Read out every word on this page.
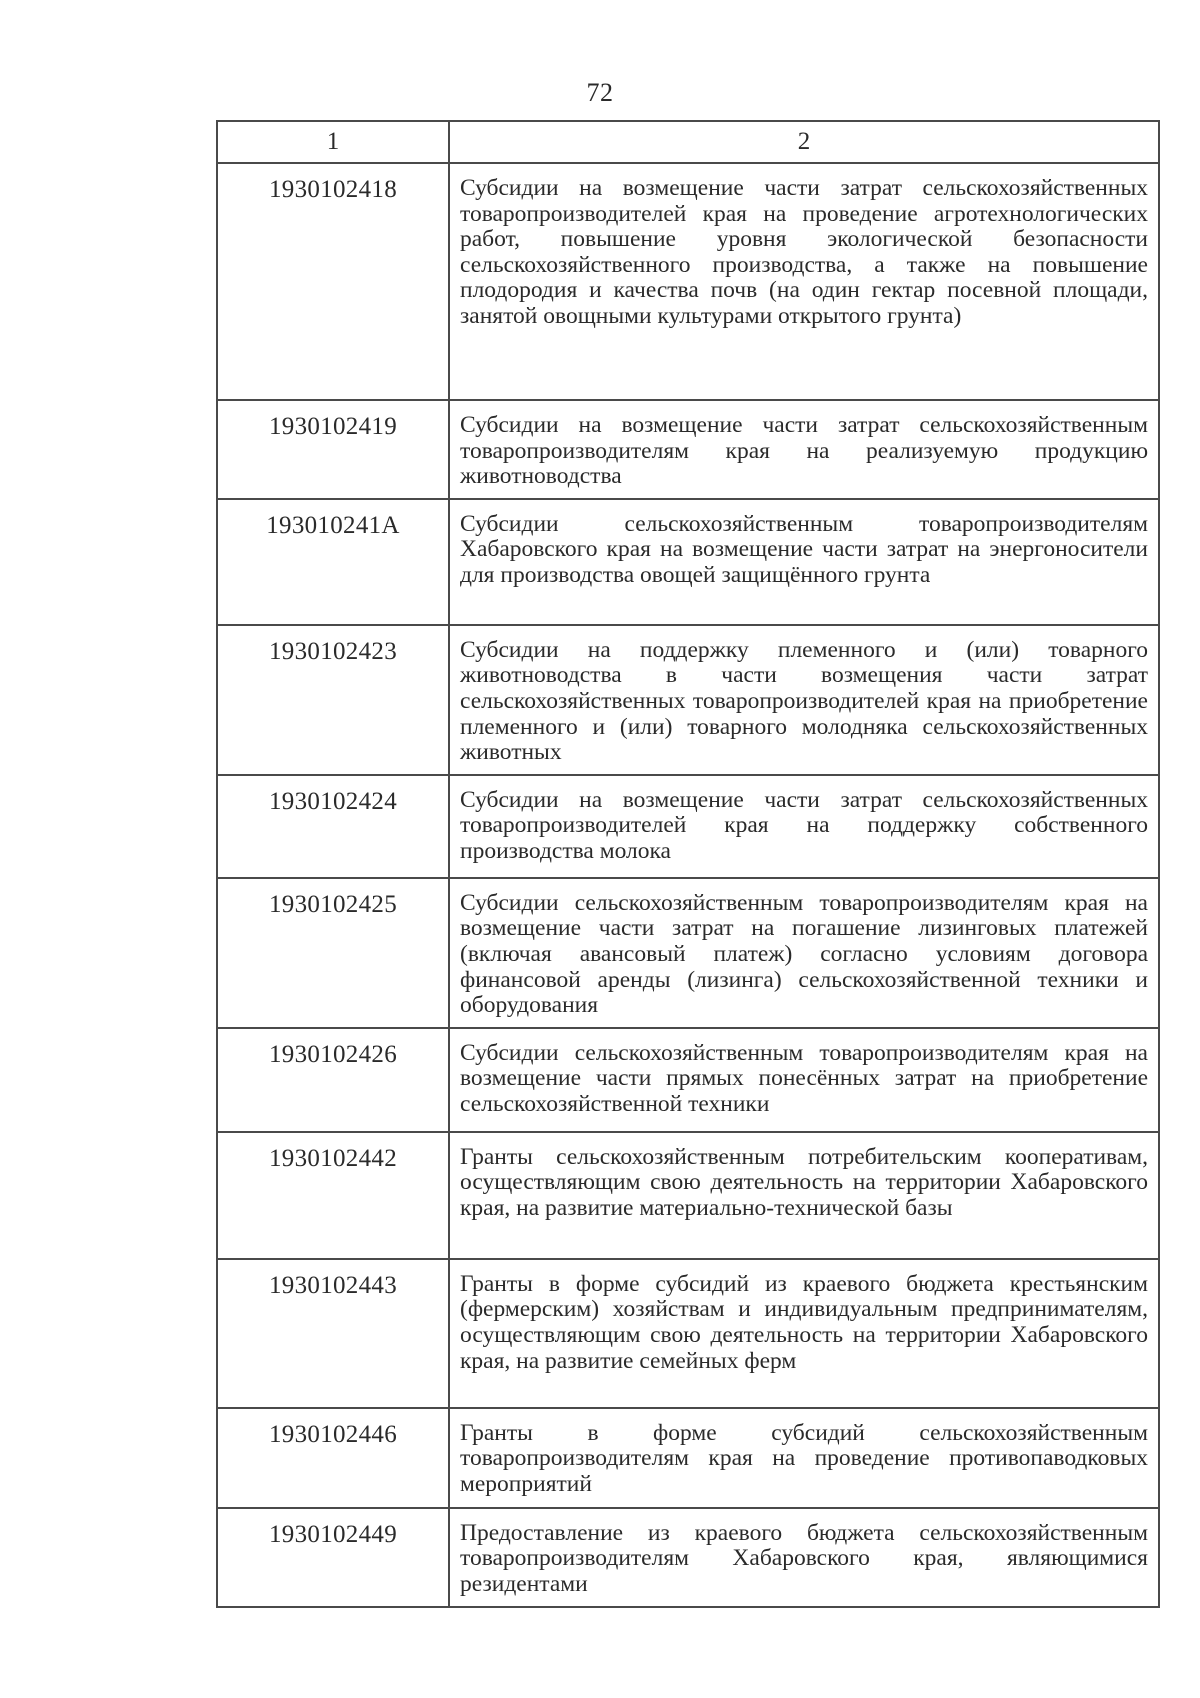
72
1	2
1930102418	Субсидии на возмещение части затрат сельскохозяйственных товаропроизводителей края на проведение агротехнологических работ, повышение уровня экологической безопасности сельскохозяйственного производства, а также на повышение плодородия и качества почв (на один гектар посевной площади, занятой овощными культурами открытого грунта)
1930102419	Субсидии на возмещение части затрат сельскохозяйственным товаропроизводителям края на реализуемую продукцию животноводства
193010241A	Субсидии сельскохозяйственным товаропроизводителям Хабаровского края на возмещение части затрат на энергоносители для производства овощей защищённого грунта
1930102423	Субсидии на поддержку племенного и (или) товарного животноводства в части возмещения части затрат сельскохозяйственных товаропроизводителей края на приобретение племенного и (или) товарного молодняка сельскохозяйственных животных
1930102424	Субсидии на возмещение части затрат сельскохозяйственных товаропроизводителей края на поддержку собственного производства молока
1930102425	Субсидии сельскохозяйственным товаропроизводителям края на возмещение части затрат на погашение лизинговых платежей (включая авансовый платеж) согласно условиям договора финансовой аренды (лизинга) сельскохозяйственной техники и оборудования
1930102426	Субсидии сельскохозяйственным товаропроизводителям края на возмещение части прямых понесённых затрат на приобретение сельскохозяйственной техники
1930102442	Гранты сельскохозяйственным потребительским кооперативам, осуществляющим свою деятельность на территории Хабаровского края, на развитие материально-технической базы
1930102443	Гранты в форме субсидий из краевого бюджета крестьянским (фермерским) хозяйствам и индивидуальным предпринимателям, осуществляющим свою деятельность на территории Хабаровского края, на развитие семейных ферм
1930102446	Гранты в форме субсидий сельскохозяйственным товаропроизводителям края на проведение противопаводковых мероприятий
1930102449	Предоставление из краевого бюджета сельскохозяйственным товаропроизводителям Хабаровского края, являющимися резидентами
